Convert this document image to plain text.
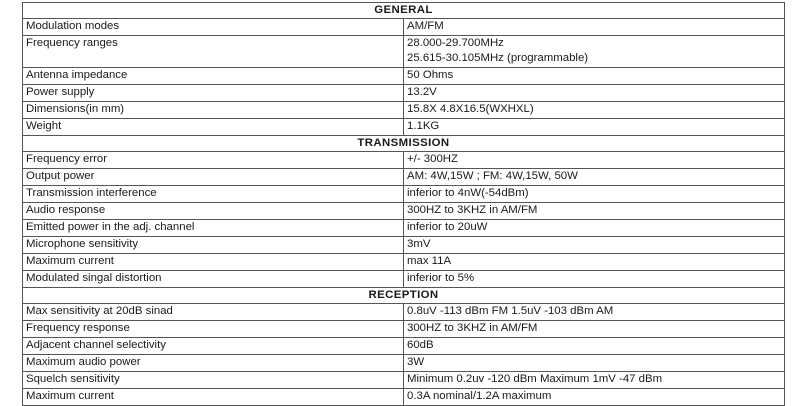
GENERAL	
Modulation modes	AM/FM

Frequency ranges	28.000-29.700MHz
25.615-30.105MHz (programmable)

Antenna impedance	50 Ohms

Power supply	13.2V

Dimensions(in mm)	15.8X 4.8X16.5(WXHXL)

Weight	1.1KG

TRANSMISSION	
Frequency error	+/- 300HZ

Output power	AM: 4W,15W ; FM: 4W,15W, 50W

Transmission interference	inferior to 4nW(-54dBm)

Audio response	300HZ to 3KHZ in AM/FM

Emitted power in the adj. channel	inferior to 20uW

Microphone sensitivity	3mV

Maximum current	max 11A

Modulated singal distortion	inferior to 5%

RECEPTION	
Max sensitivity at 20dB sinad	0.8uV -113 dBm FM 1.5uV -103 dBm AM

Frequency response	300HZ to 3KHZ in AM/FM

Adjacent channel selectivity	60dB

Maximum audio power	3W

Squelch sensitivity	Minimum 0.2uv -120 dBm Maximum 1mV -47 dBm

Maximum current	0.3A nominal/1.2A maximum
